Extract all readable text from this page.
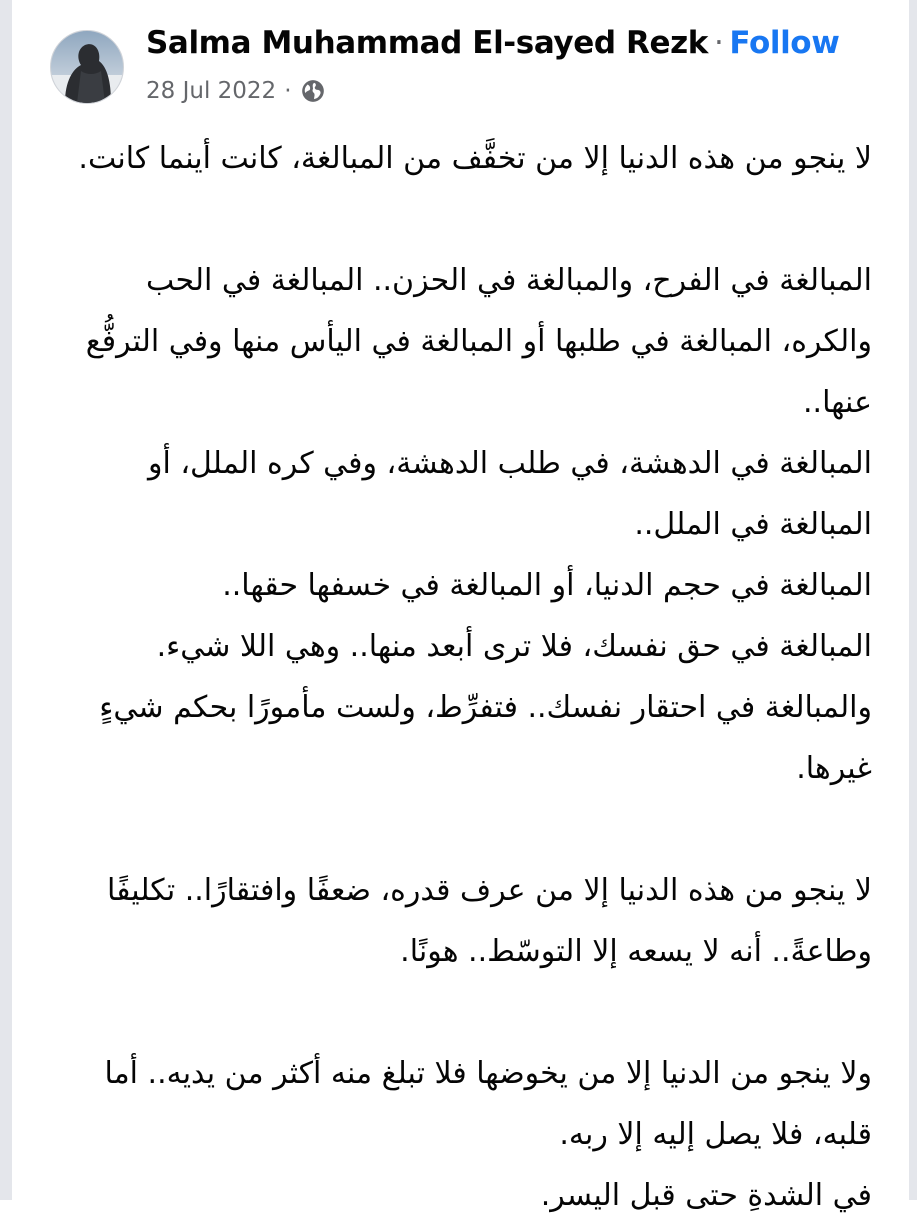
Salma Muhammad El-sayed Rezk · Follow
28 Jul 2022 ·

لا ينجو من هذه الدنيا إلا من تخفَّف من المبالغة، كانت أينما كانت.

المبالغة في الفرح، والمبالغة في الحزن.. المبالغة في الحب والكره، المبالغة في طلبها أو المبالغة في اليأس منها وفي الترفُّع عنها..

المبالغة في الدهشة، في طلب الدهشة، وفي كره الملل، أو المبالغة في الملل..

المبالغة في حجم الدنيا، أو المبالغة في خسفها حقها..

المبالغة في حق نفسك، فلا ترى أبعد منها.. وهي اللا شيء.

والمبالغة في احتقار نفسك.. فتفرِّط، ولست مأمورًا بحكم شيءٍ غيرها.

لا ينجو من هذه الدنيا إلا من عرف قدره، ضعفًا وافتقارًا.. تكليفًا وطاعةً.. أنه لا يسعه إلا التوسّط.. هونًا.

ولا ينجو من الدنيا إلا من يخوضها فلا تبلغ منه أكثر من يديه.. أما قلبه، فلا يصل إليه إلا ربه.

في الشدةِ حتى قبل اليسر.
